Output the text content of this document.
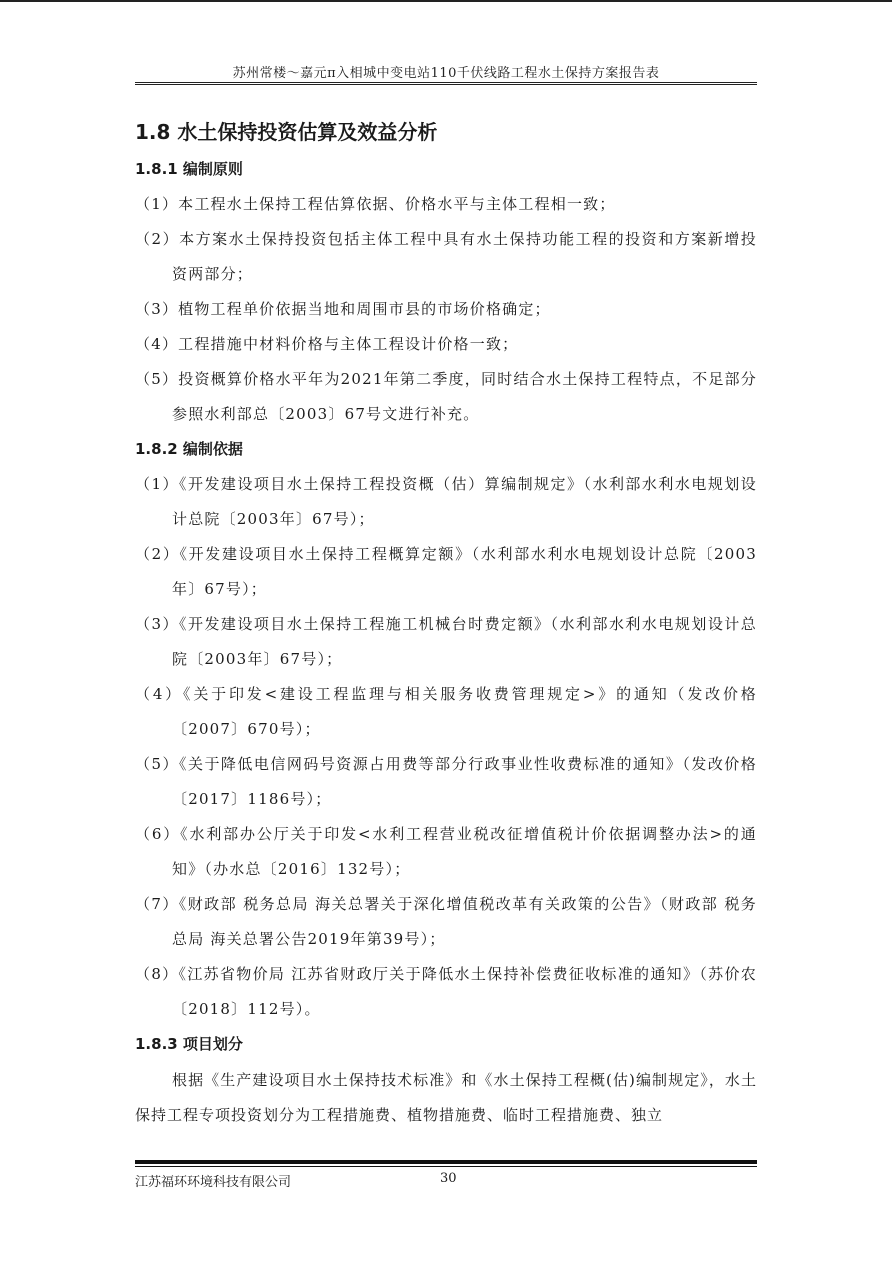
苏州常楼～嘉元π入相城中变电站110千伏线路工程水土保持方案报告表
1.8 水土保持投资估算及效益分析
1.8.1 编制原则
（1）本工程水土保持工程估算依据、价格水平与主体工程相一致；
（2）本方案水土保持投资包括主体工程中具有水土保持功能工程的投资和方案新增投资两部分；
（3）植物工程单价依据当地和周围市县的市场价格确定；
（4）工程措施中材料价格与主体工程设计价格一致；
（5）投资概算价格水平年为2021年第二季度，同时结合水土保持工程特点，不足部分参照水利部总〔2003〕67号文进行补充。
1.8.2 编制依据
（1）《开发建设项目水土保持工程投资概（估）算编制规定》（水利部水利水电规划设计总院〔2003年〕67号）；
（2）《开发建设项目水土保持工程概算定额》（水利部水利水电规划设计总院〔2003年〕67号）；
（3）《开发建设项目水土保持工程施工机械台时费定额》（水利部水利水电规划设计总院〔2003年〕67号）；
（4）《关于印发<建设工程监理与相关服务收费管理规定>》的通知（发改价格〔2007〕670号）；
（5）《关于降低电信网码号资源占用费等部分行政事业性收费标准的通知》（发改价格〔2017〕1186号）；
（6）《水利部办公厅关于印发<水利工程营业税改征增值税计价依据调整办法>的通知》（办水总〔2016〕132号）；
（7）《财政部 税务总局 海关总署关于深化增值税改革有关政策的公告》（财政部 税务总局 海关总署公告2019年第39号）；
（8）《江苏省物价局 江苏省财政厅关于降低水土保持补偿费征收标准的通知》（苏价农〔2018〕112号）。
1.8.3 项目划分
根据《生产建设项目水土保持技术标准》和《水土保持工程概(估)编制规定》，水土保持工程专项投资划分为工程措施费、植物措施费、临时工程措施费、独立
江苏福环环境科技有限公司	30
